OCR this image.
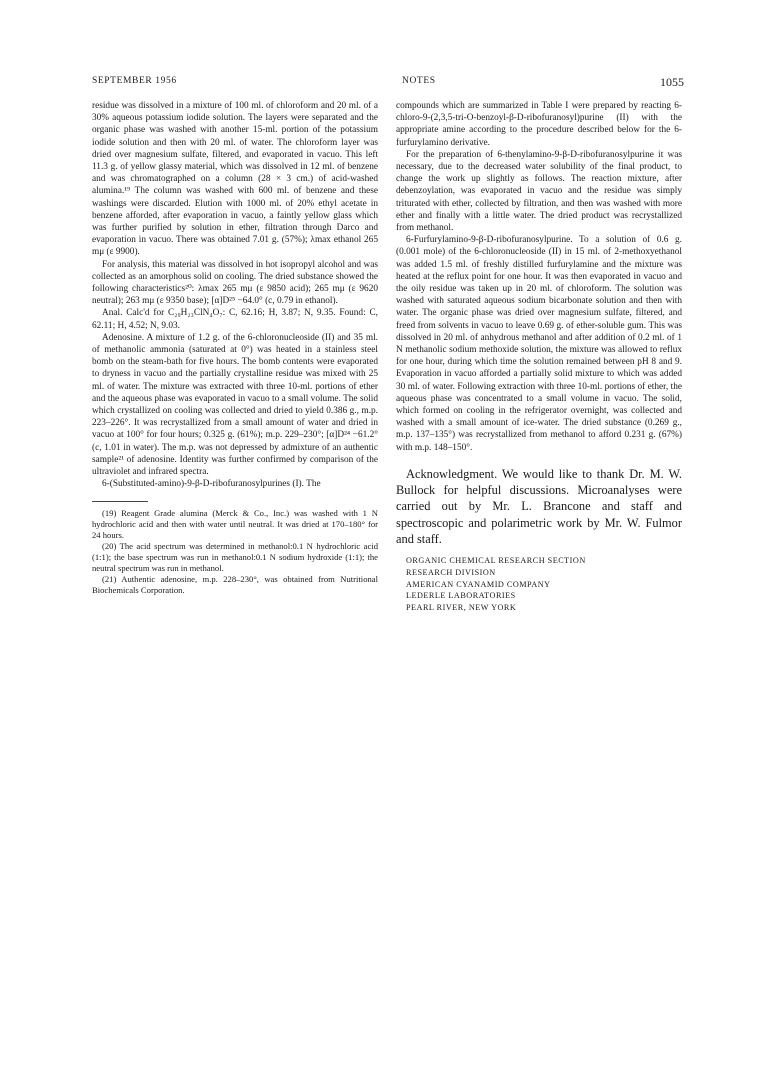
SEPTEMBER 1956	NOTES	1055

residue was dissolved in a mixture of 100 ml. of chloroform and 20 ml. of a 30% aqueous potassium iodide solution. The layers were separated and the organic phase was washed with another 15-ml. portion of the potassium iodide solution and then with 20 ml. of water. The chloroform layer was dried over magnesium sulfate, filtered, and evaporated in vacuo. This left 11.3 g. of yellow glassy material, which was dissolved in 12 ml. of benzene and was chromatographed on a column (28 × 3 cm.) of acid-washed alumina.¹⁹ The column was washed with 600 ml. of benzene and these washings were discarded. Elution with 1000 ml. of 20% ethyl acetate in benzene afforded, after evaporation in vacuo, a faintly yellow glass which was further purified by solution in ether, filtration through Darco and evaporation in vacuo. There was obtained 7.01 g. (57%); λmax ethanol 265 mμ (ε 9900).

For analysis, this material was dissolved in hot isopropyl alcohol and was collected as an amorphous solid on cooling. The dried substance showed the following characteristics²⁰: λmax 265 mμ (ε 9850 acid); 265 mμ (ε 9620 neutral); 263 mμ (ε 9350 base); [α]D²⁵ −64.0° (c, 0.79 in ethanol).

Anal. Calc'd for C₂₉H₂₃ClN₄O₇: C, 62.16; H, 3.87; N, 9.35. Found: C, 62.11; H, 4.52; N, 9.03.

Adenosine. A mixture of 1.2 g. of the 6-chloronucleoside (II) and 35 ml. of methanolic ammonia (saturated at 0°) was heated in a stainless steel bomb on the steam-bath for five hours. The bomb contents were evaporated to dryness in vacuo and the partially crystalline residue was mixed with 25 ml. of water. The mixture was extracted with three 10-ml. portions of ether and the aqueous phase was evaporated in vacuo to a small volume. The solid which crystallized on cooling was collected and dried to yield 0.386 g., m.p. 223–226°. It was recrystallized from a small amount of water and dried in vacuo at 100° for four hours; 0.325 g. (61%); m.p. 229–230°; [α]D²⁴ −61.2° (c, 1.01 in water). The m.p. was not depressed by admixture of an authentic sample²¹ of adenosine. Identity was further confirmed by comparison of the ultraviolet and infrared spectra.

6-(Substituted-amino)-9-β-D-ribofuranosylpurines (I). The

(19) Reagent Grade alumina (Merck & Co., Inc.) was washed with 1 N hydrochloric acid and then with water until neutral. It was dried at 170–180° for 24 hours.

(20) The acid spectrum was determined in methanol:0.1 N hydrochloric acid (1:1); the base spectrum was run in methanol:0.1 N sodium hydroxide (1:1); the neutral spectrum was run in methanol.

(21) Authentic adenosine, m.p. 228–230°, was obtained from Nutritional Biochemicals Corporation.

compounds which are summarized in Table I were prepared by reacting 6-chloro-9-(2,3,5-tri-O-benzoyl-β-D-ribofuranosyl)purine (II) with the appropriate amine according to the procedure described below for the 6-furfurylamino derivative.

For the preparation of 6-thenylamino-9-β-D-ribofuranosylpurine it was necessary, due to the decreased water solubility of the final product, to change the work up slightly as follows. The reaction mixture, after debenzoylation, was evaporated in vacuo and the residue was simply triturated with ether, collected by filtration, and then was washed with more ether and finally with a little water. The dried product was recrystallized from methanol.

6-Furfurylamino-9-β-D-ribofuranosylpurine. To a solution of 0.6 g. (0.001 mole) of the 6-chloronucleoside (II) in 15 ml. of 2-methoxyethanol was added 1.5 ml. of freshly distilled furfurylamine and the mixture was heated at the reflux point for one hour. It was then evaporated in vacuo and the oily residue was taken up in 20 ml. of chloroform. The solution was washed with saturated aqueous sodium bicarbonate solution and then with water. The organic phase was dried over magnesium sulfate, filtered, and freed from solvents in vacuo to leave 0.69 g. of ether-soluble gum. This was dissolved in 20 ml. of anhydrous methanol and after addition of 0.2 ml. of 1 N methanolic sodium methoxide solution, the mixture was allowed to reflux for one hour, during which time the solution remained between pH 8 and 9. Evaporation in vacuo afforded a partially solid mixture to which was added 30 ml. of water. Following extraction with three 10-ml. portions of ether, the aqueous phase was concentrated to a small volume in vacuo. The solid, which formed on cooling in the refrigerator overnight, was collected and washed with a small amount of ice-water. The dried substance (0.269 g., m.p. 137–135°) was recrystallized from methanol to afford 0.231 g. (67%) with m.p. 148–150°.

Acknowledgment. We would like to thank Dr. M. W. Bullock for helpful discussions. Microanalyses were carried out by Mr. L. Brancone and staff and spectroscopic and polarimetric work by Mr. W. Fulmor and staff.

ORGANIC CHEMICAL RESEARCH SECTION
RESEARCH DIVISION
AMERICAN CYANAMID COMPANY
LEDERLE LABORATORIES
PEARL RIVER, NEW YORK
